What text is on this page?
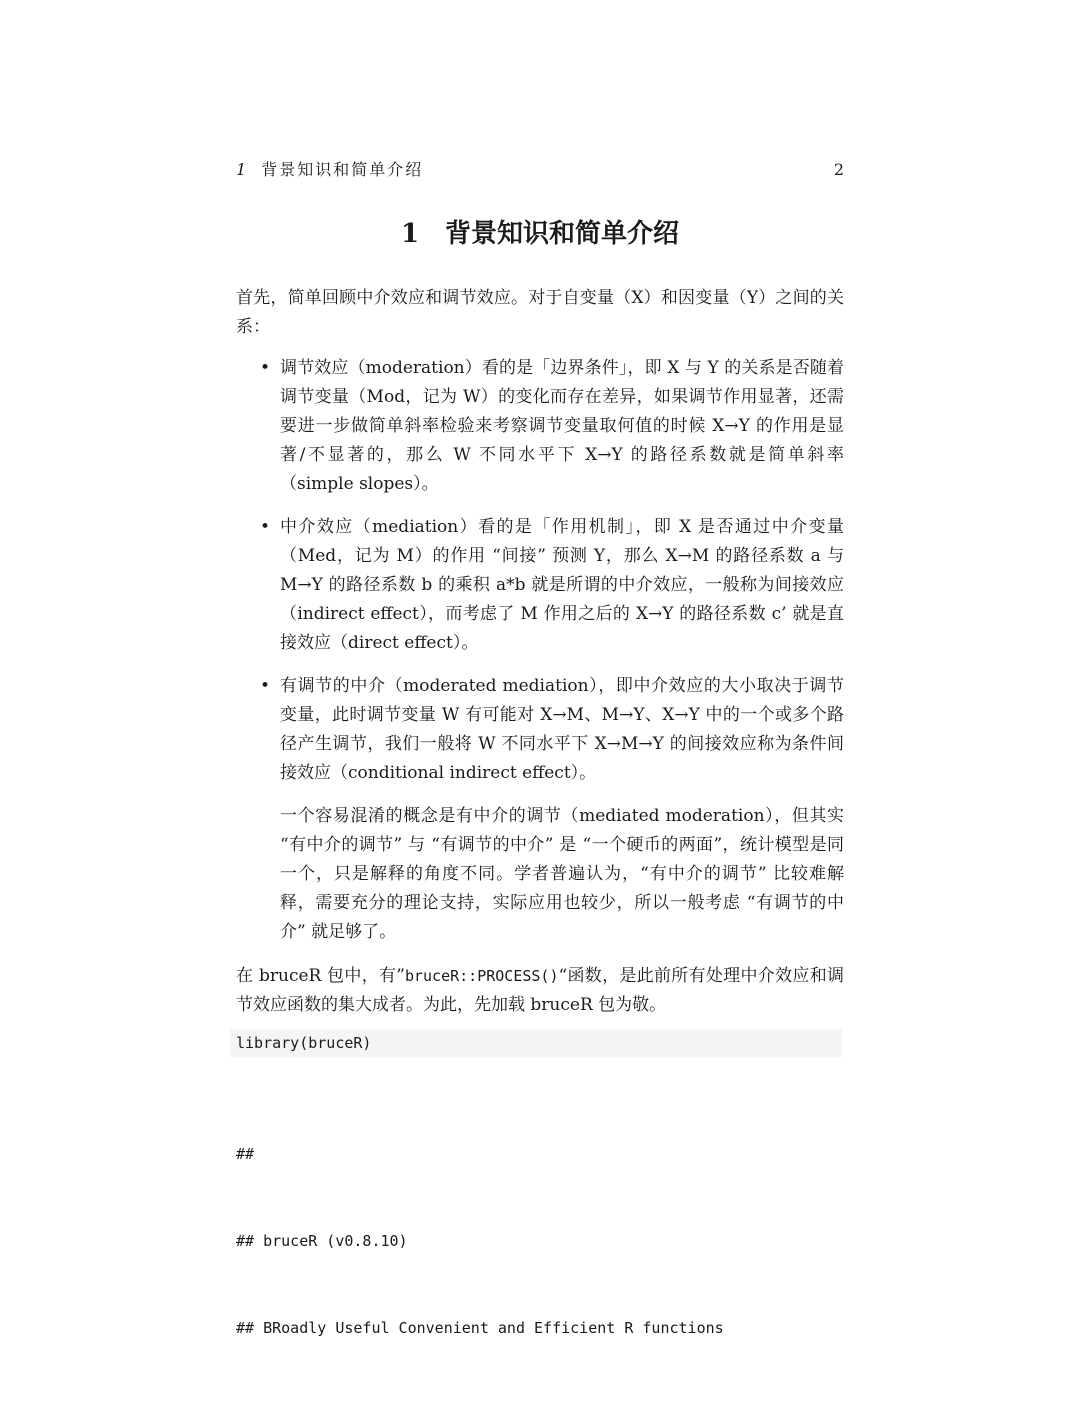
1 背景知识和简单介绍	2
1 背景知识和简单介绍

首先，简单回顾中介效应和调节效应。对于自变量（X）和因变量（Y）之间的关系：

• 调节效应（moderation）看的是「边界条件」，即 X 与 Y 的关系是否随着调节变量（Mod，记为 W）的变化而存在差异，如果调节作用显著，还需要进一步做简单斜率检验来考察调节变量取何值的时候 X→Y 的作用是显著/不显著的，那么 W 不同水平下 X→Y 的路径系数就是简单斜率（simple slopes）。
• 中介效应（mediation）看的是「作用机制」，即 X 是否通过中介变量（Med，记为 M）的作用 “间接” 预测 Y，那么 X→M 的路径系数 a 与 M→Y 的路径系数 b 的乘积 a*b 就是所谓的中介效应，一般称为间接效应（indirect effect），而考虑了 M 作用之后的 X→Y 的路径系数 c’ 就是直接效应（direct effect）。
• 有调节的中介（moderated mediation），即中介效应的大小取决于调节变量，此时调节变量 W 有可能对 X→M、M→Y、X→Y 中的一个或多个路径产生调节，我们一般将 W 不同水平下 X→M→Y 的间接效应称为条件间接效应（conditional indirect effect）。
一个容易混淆的概念是有中介的调节（mediated moderation），但其实 “有中介的调节” 与 “有调节的中介” 是 “一个硬币的两面”，统计模型是同一个，只是解释的角度不同。学者普遍认为，“有中介的调节” 比较难解释，需要充分的理论支持，实际应用也较少，所以一般考虑 “有调节的中介” 就足够了。

在 bruceR 包中，有”bruceR::PROCESS()“函数，是此前所有处理中介效应和调节效应函数的集大成者。为此，先加载 bruceR 包为敬。

library(bruceR)

##

## bruceR (v0.8.10)

## BRoadly Useful Convenient and Efficient R functions
